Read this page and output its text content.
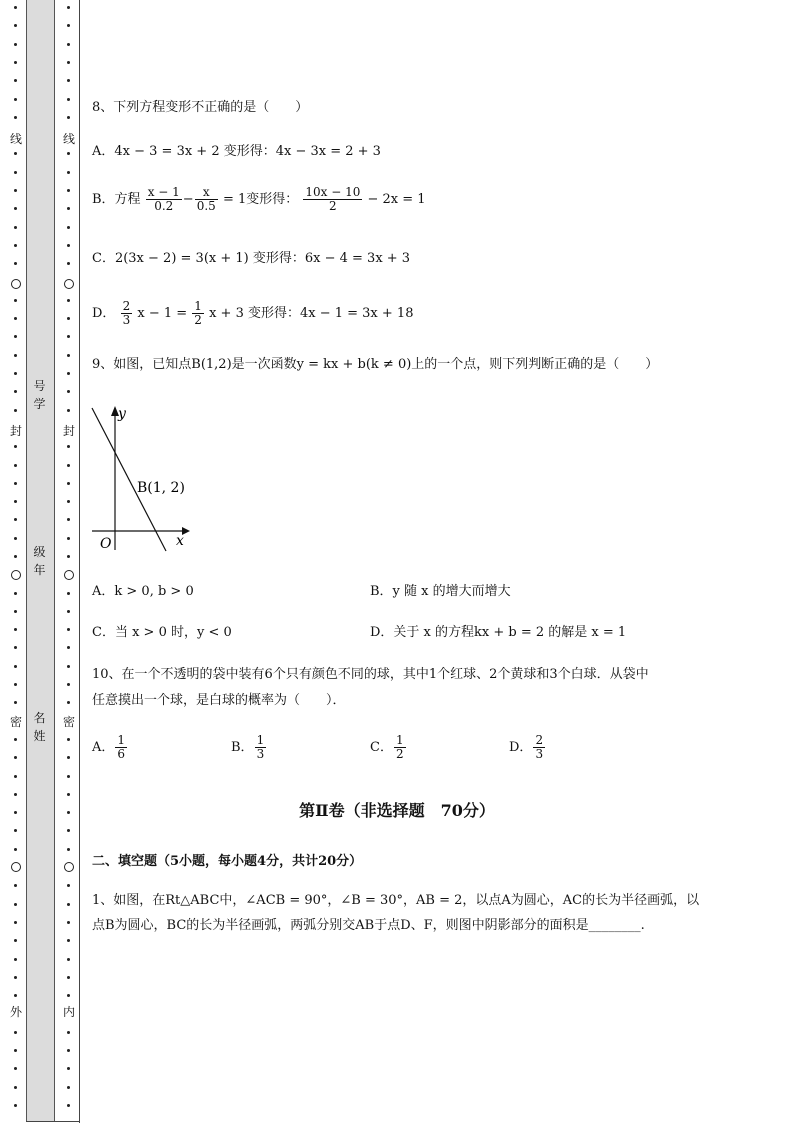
线
封
密
外
线
封
密
内
号
学
级
年
名
姓
8、下列方程变形不正确的是（　　）
A．4x − 3 = 3x + 2 变形得：4x − 3x = 2 + 3
B．方程 $\frac{x - 1}{0.2} - \frac{x}{0.5} = 1$变形得： $\frac{10x - 10}{2} - 2x = 1$
C．2(3x − 2) = 3(x + 1) 变形得：6x − 4 = 3x + 3
D． $\frac{2}{3}$ $x - 1 = \frac{1}{2}$ x + 3 变形得：4x − 1 = 3x + 18
9、如图，已知点B(1,2)是一次函数y = kx + b(k ≠ 0)上的一个点，则下列判断正确的是（　　）
y
x
O
B(1, 2)
A．k > 0, b > 0	B．y 随 x 的增大而增大
C．当 x > 0 时，y < 0	D．关于 x 的方程kx + b = 2 的解是 x = 1
10、在一个不透明的袋中装有6个只有颜色不同的球，其中1个红球、2个黄球和3个白球．从袋中
任意摸出一个球，是白球的概率为（　　）．
A． $\frac{1}{6}$	B． $\frac{1}{3}$	C． $\frac{1}{2}$	D． $\frac{2}{3}$
第Ⅱ卷（非选择题　70分）
二、填空题（5小题，每小题4分，共计20分）
1、如图，在Rt△ABC中，∠ACB = 90°，∠B = 30°，AB = 2，以点A为圆心，AC的长为半径画弧，以
点B为圆心，BC的长为半径画弧，两弧分别交AB于点D、F，则图中阴影部分的面积是________.
